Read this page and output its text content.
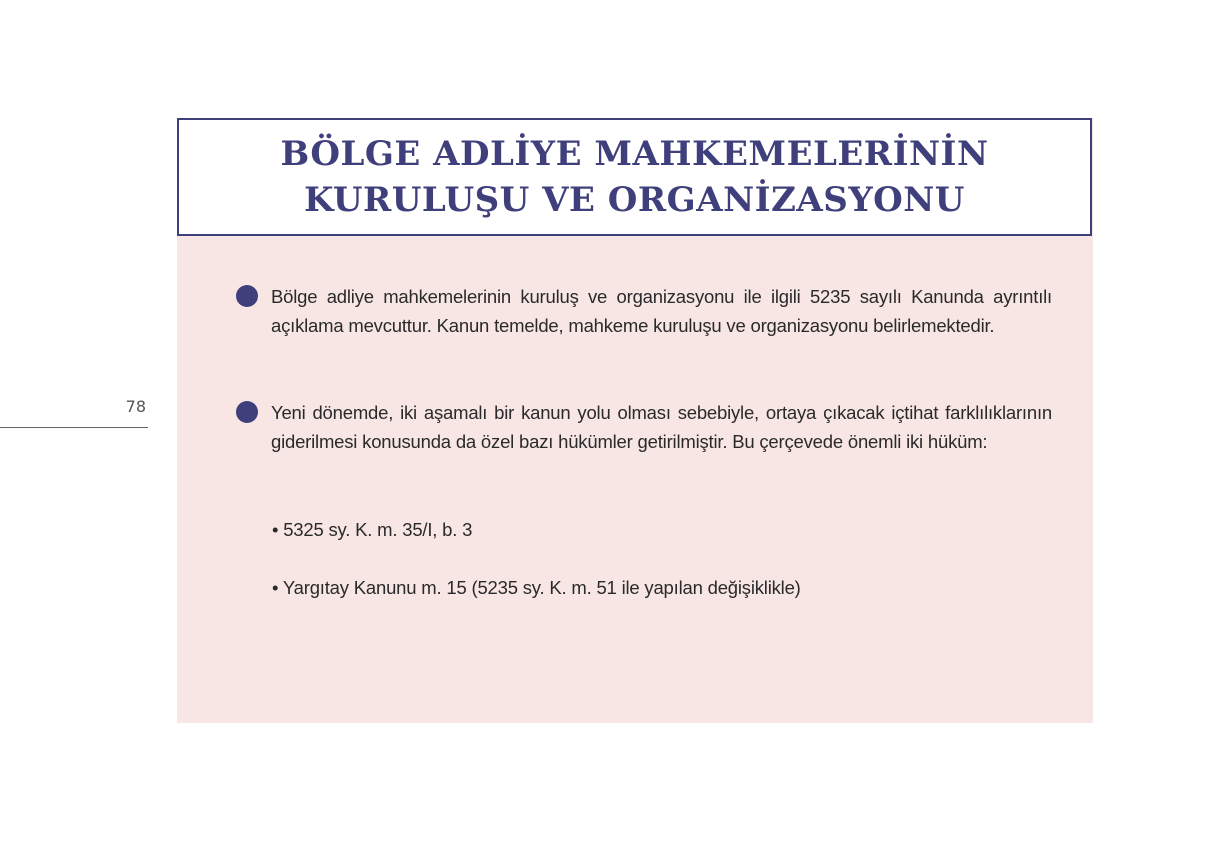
BÖLGE ADLİYE MAHKEMELERİNİN
KURULUŞU VE ORGANİZASYONU
78
Bölge adliye mahkemelerinin kuruluş ve organizasyonu ile ilgili 5235 sayılı Kanunda ayrıntılı açıklama mevcuttur. Kanun temelde, mahkeme kuruluşu ve organizasyonu belirlemektedir.
Yeni dönemde, iki aşamalı bir kanun yolu olması sebebiyle, ortaya çıkacak içtihat farklılıklarının giderilmesi konusunda da özel bazı hükümler getirilmiştir. Bu çerçevede önemli iki hüküm:
• 5325 sy. K. m. 35/I, b. 3
• Yargıtay Kanunu m. 15 (5235 sy. K. m. 51 ile yapılan değişiklikle)
